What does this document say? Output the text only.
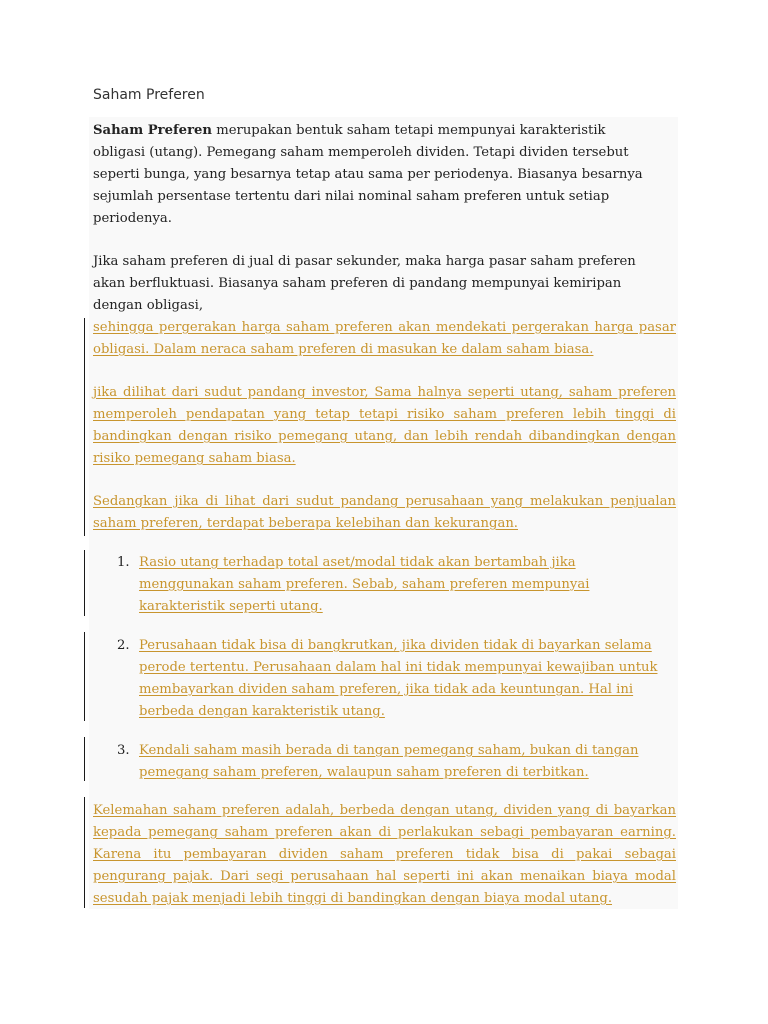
Saham Preferen
Saham Preferen merupakan bentuk saham tetapi mempunyai karakteristik
obligasi (utang). Pemegang saham memperoleh dividen. Tetapi dividen tersebut
seperti bunga, yang besarnya tetap atau sama per periodenya. Biasanya besarnya
sejumlah persentase tertentu dari nilai nominal saham preferen untuk setiap
periodenya.
Jika saham preferen di jual di pasar sekunder, maka harga pasar saham preferen
akan berfluktuasi. Biasanya saham preferen di pandang mempunyai kemiripan
dengan obligasi,
sehingga pergerakan harga saham preferen akan mendekati pergerakan harga pasar
obligasi. Dalam neraca saham preferen di masukan ke dalam saham biasa.
jika dilihat dari sudut pandang investor, Sama halnya seperti utang, saham preferen
memperoleh pendapatan yang tetap tetapi risiko saham preferen lebih tinggi di
bandingkan dengan risiko pemegang utang, dan lebih rendah dibandingkan dengan
risiko pemegang saham biasa.
Sedangkan jika di lihat dari sudut pandang perusahaan yang melakukan penjualan
saham preferen, terdapat beberapa kelebihan dan kekurangan.
1. Rasio utang terhadap total aset/modal tidak akan bertambah jika
menggunakan saham preferen. Sebab, saham preferen mempunyai
karakteristik seperti utang.
2. Perusahaan tidak bisa di bangkrutkan, jika dividen tidak di bayarkan selama
perode tertentu. Perusahaan dalam hal ini tidak mempunyai kewajiban untuk
membayarkan dividen saham preferen, jika tidak ada keuntungan. Hal ini
berbeda dengan karakteristik utang.
3. Kendali saham masih berada di tangan pemegang saham, bukan di tangan
pemegang saham preferen, walaupun saham preferen di terbitkan.
Kelemahan saham preferen adalah, berbeda dengan utang, dividen yang di bayarkan
kepada pemegang saham preferen akan di perlakukan sebagi pembayaran earning.
Karena itu pembayaran dividen saham preferen tidak bisa di pakai sebagai
pengurang pajak. Dari segi perusahaan hal seperti ini akan menaikan biaya modal
sesudah pajak menjadi lebih tinggi di bandingkan dengan biaya modal utang.
